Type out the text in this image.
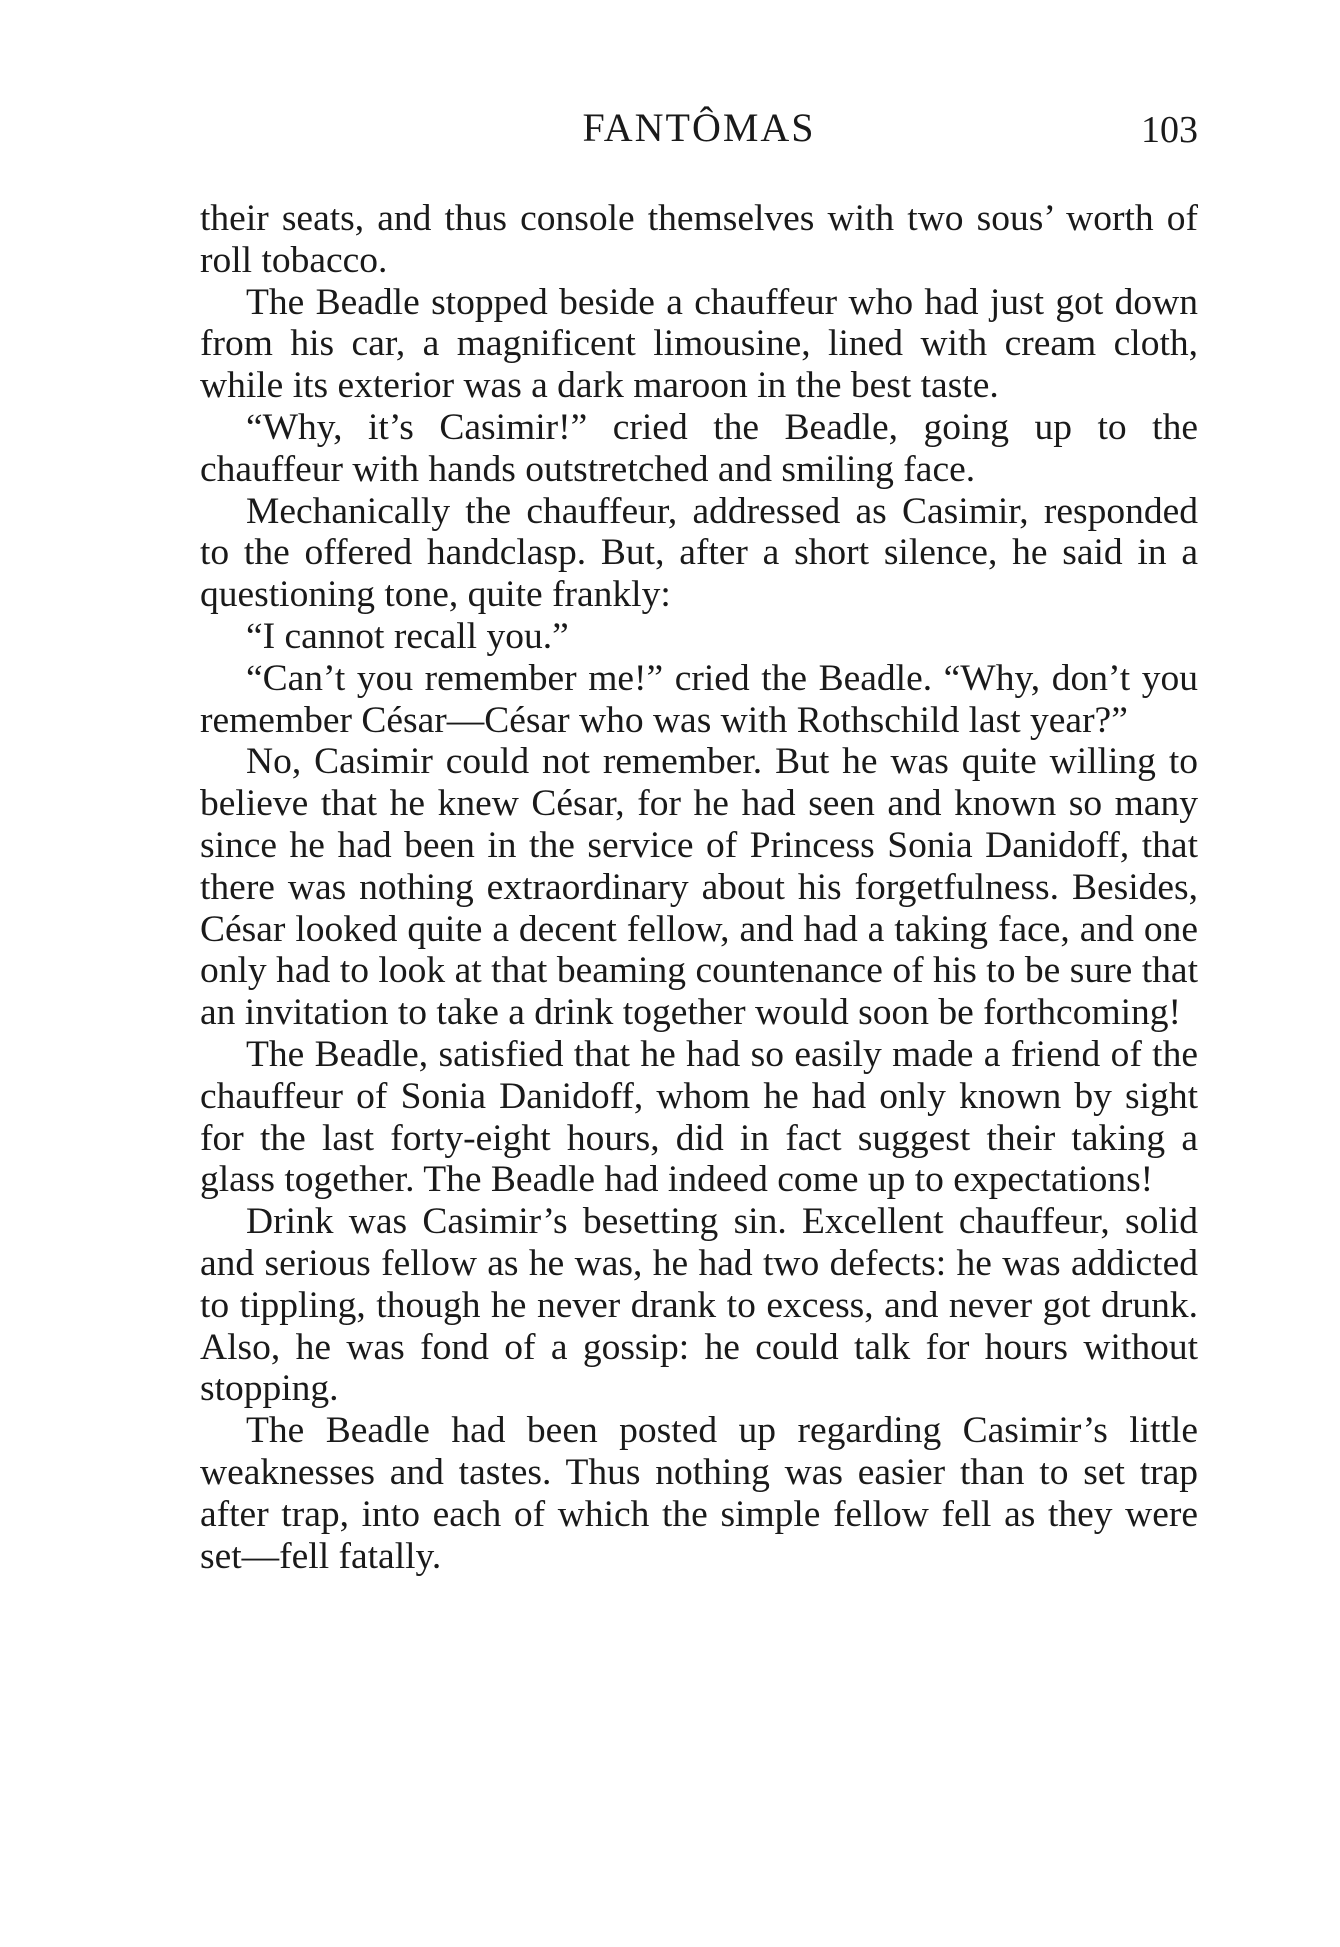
FANTÔMAS	103

their seats, and thus console themselves with two sous’ worth of roll tobacco.

The Beadle stopped beside a chauffeur who had just got down from his car, a magnificent limousine, lined with cream cloth, while its exterior was a dark maroon in the best taste.

“Why, it’s Casimir!” cried the Beadle, going up to the chauffeur with hands outstretched and smiling face.

Mechanically the chauffeur, addressed as Casimir, responded to the offered handclasp. But, after a short silence, he said in a questioning tone, quite frankly:

“I cannot recall you.”

“Can’t you remember me!” cried the Beadle. “Why, don’t you remember César—César who was with Rothschild last year?”

No, Casimir could not remember. But he was quite willing to believe that he knew César, for he had seen and known so many since he had been in the service of Princess Sonia Danidoff, that there was nothing extraordinary about his forgetfulness. Besides, César looked quite a decent fellow, and had a taking face, and one only had to look at that beaming countenance of his to be sure that an invitation to take a drink together would soon be forthcoming!

The Beadle, satisfied that he had so easily made a friend of the chauffeur of Sonia Danidoff, whom he had only known by sight for the last forty-eight hours, did in fact suggest their taking a glass together. The Beadle had indeed come up to expectations!

Drink was Casimir’s besetting sin. Excellent chauffeur, solid and serious fellow as he was, he had two defects: he was addicted to tippling, though he never drank to excess, and never got drunk. Also, he was fond of a gossip: he could talk for hours without stopping.

The Beadle had been posted up regarding Casimir’s little weaknesses and tastes. Thus nothing was easier than to set trap after trap, into each of which the simple fellow fell as they were set—fell fatally.
